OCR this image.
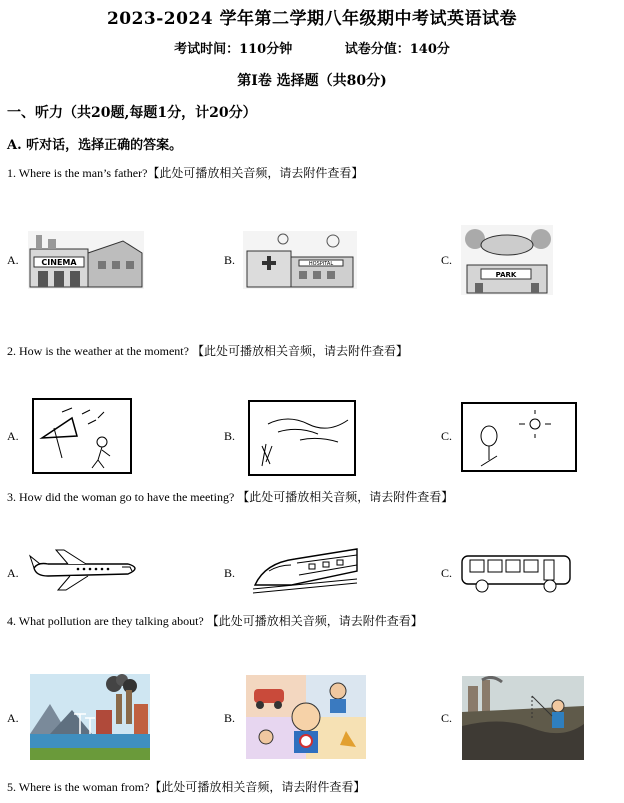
2023-2024 学年第二学期八年级期中考试英语试卷
考试时间：110分钟	试卷分值：140分
第Ⅰ卷 选择题（共80分)
一、听力（共20题,每题1分，计20分）
A. 听对话，选择正确的答案。
1. Where is the man’s father?【此处可播放相关音频，请去附件查看】
A.	B.	C.
CINEMA	HOSPITAL
PARK
2. How is the weather at the moment? 【此处可播放相关音频，请去附件查看】
A.	B.	C.
3. How did the woman go to have the meeting? 【此处可播放相关音频，请去附件查看】
A.	B.	C.
4. What pollution are they talking about? 【此处可播放相关音频，请去附件查看】
A.	B.	C.
5. Where is the woman from?【此处可播放相关音频，请去附件查看】
